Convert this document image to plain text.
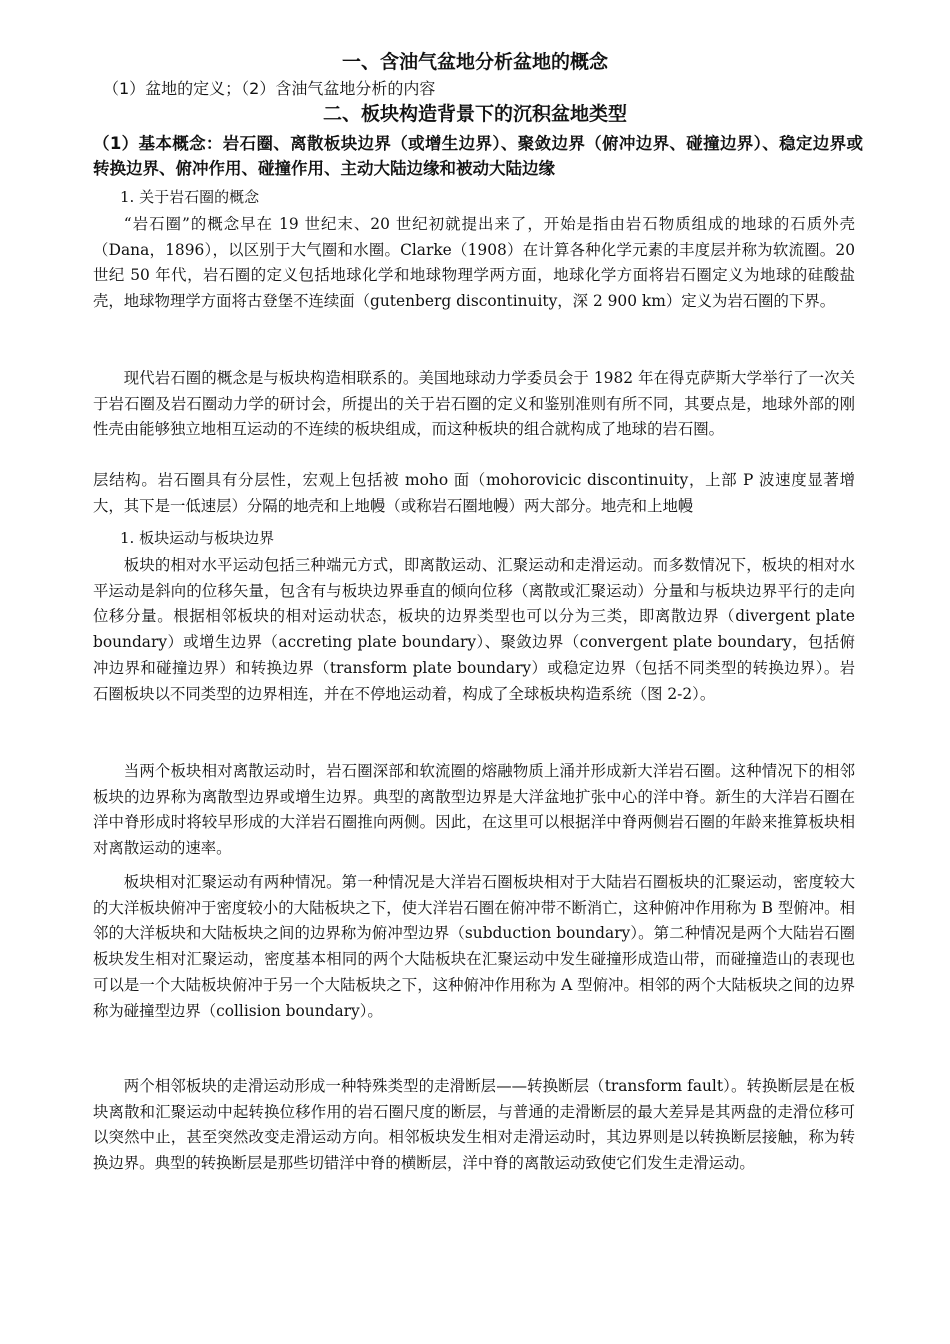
一、含油气盆地分析盆地的概念
（1）盆地的定义；（2）含油气盆地分析的内容
二、板块构造背景下的沉积盆地类型
（1）基本概念：岩石圈、离散板块边界（或增生边界）、聚敛边界（俯冲边界、碰撞边界）、稳定边界或转换边界、俯冲作用、碰撞作用、主动大陆边缘和被动大陆边缘
1. 关于岩石圈的概念
“岩石圈”的概念早在 19 世纪末、20 世纪初就提出来了，开始是指由岩石物质组成的地球的石质外壳（Dana，1896），以区别于大气圈和水圈。Clarke（1908）在计算各种化学元素的丰度层并称为软流圈。20 世纪 50 年代，岩石圈的定义包括地球化学和地球物理学两方面，地球化学方面将岩石圈定义为地球的硅酸盐壳，地球物理学方面将古登堡不连续面（gutenberg discontinuity，深 2 900 km）定义为岩石圈的下界。
现代岩石圈的概念是与板块构造相联系的。美国地球动力学委员会于 1982 年在得克萨斯大学举行了一次关于岩石圈及岩石圈动力学的研讨会，所提出的关于岩石圈的定义和鉴别准则有所不同，其要点是，地球外部的刚性壳由能够独立地相互运动的不连续的板块组成，而这种板块的组合就构成了地球的岩石圈。
层结构。岩石圈具有分层性，宏观上包括被 moho 面（mohorovicic discontinuity，上部 P 波速度显著增大，其下是一低速层）分隔的地壳和上地幔（或称岩石圈地幔）两大部分。地壳和上地幔
1. 板块运动与板块边界
板块的相对水平运动包括三种端元方式，即离散运动、汇聚运动和走滑运动。而多数情况下，板块的相对水平运动是斜向的位移矢量，包含有与板块边界垂直的倾向位移（离散或汇聚运动）分量和与板块边界平行的走向位移分量。根据相邻板块的相对运动状态，板块的边界类型也可以分为三类，即离散边界（divergent plate boundary）或增生边界（accreting plate boundary）、聚敛边界（convergent plate boundary，包括俯冲边界和碰撞边界）和转换边界（transform plate boundary）或稳定边界（包括不同类型的转换边界）。岩石圈板块以不同类型的边界相连，并在不停地运动着，构成了全球板块构造系统（图 2-2）。
当两个板块相对离散运动时，岩石圈深部和软流圈的熔融物质上涌并形成新大洋岩石圈。这种情况下的相邻板块的边界称为离散型边界或增生边界。典型的离散型边界是大洋盆地扩张中心的洋中脊。新生的大洋岩石圈在洋中脊形成时将较早形成的大洋岩石圈推向两侧。因此，在这里可以根据洋中脊两侧岩石圈的年龄来推算板块相对离散运动的速率。
板块相对汇聚运动有两种情况。第一种情况是大洋岩石圈板块相对于大陆岩石圈板块的汇聚运动，密度较大的大洋板块俯冲于密度较小的大陆板块之下，使大洋岩石圈在俯冲带不断消亡，这种俯冲作用称为 B 型俯冲。相邻的大洋板块和大陆板块之间的边界称为俯冲型边界（subduction boundary）。第二种情况是两个大陆岩石圈板块发生相对汇聚运动，密度基本相同的两个大陆板块在汇聚运动中发生碰撞形成造山带，而碰撞造山的表现也可以是一个大陆板块俯冲于另一个大陆板块之下，这种俯冲作用称为 A 型俯冲。相邻的两个大陆板块之间的边界称为碰撞型边界（collision boundary）。
两个相邻板块的走滑运动形成一种特殊类型的走滑断层——转换断层（transform fault）。转换断层是在板块离散和汇聚运动中起转换位移作用的岩石圈尺度的断层，与普通的走滑断层的最大差异是其两盘的走滑位移可以突然中止，甚至突然改变走滑运动方向。相邻板块发生相对走滑运动时，其边界则是以转换断层接触，称为转换边界。典型的转换断层是那些切错洋中脊的横断层，洋中脊的离散运动致使它们发生走滑运动。
